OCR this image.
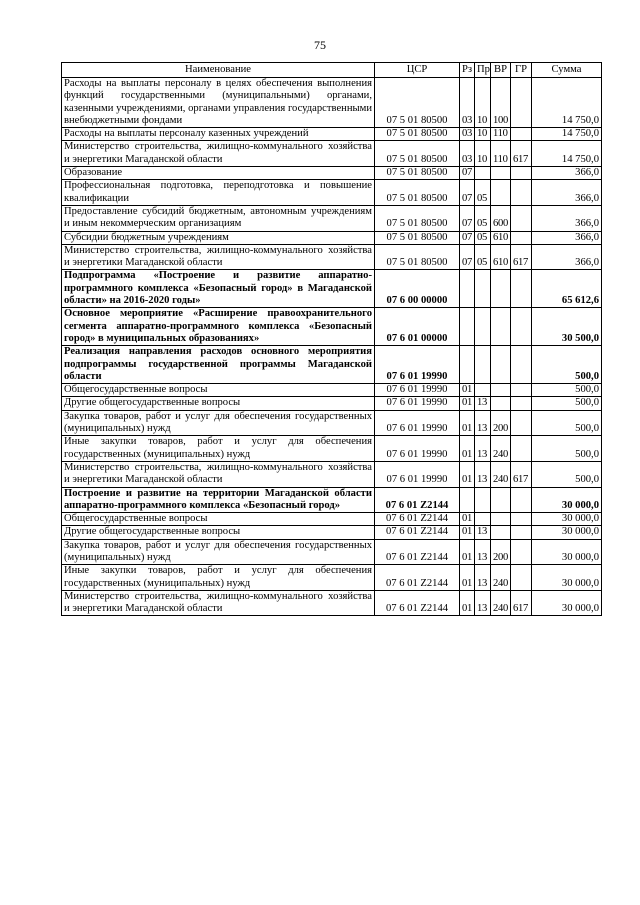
75
Наименование	ЦСР	Рз	Пр	ВР	ГР	Сумма
Расходы на выплаты персоналу в целях обеспечения выполнения функций государственными (муниципальными) органами, казенными учреждениями, органами управления государственными внебюджетными фондами	07 5 01 80500	03	10	100		14 750,0
Расходы на выплаты персоналу казенных учреждений	07 5 01 80500	03	10	110		14 750,0
Министерство строительства, жилищно-коммунального хозяйства и энергетики Магаданской области	07 5 01 80500	03	10	110	617	14 750,0
Образование	07 5 01 80500	07				366,0
Профессиональная подготовка, переподготовка и повышение квалификации	07 5 01 80500	07	05			366,0
Предоставление субсидий бюджетным, автономным учреждениям и иным некоммерческим организациям	07 5 01 80500	07	05	600		366,0
Субсидии бюджетным учреждениям	07 5 01 80500	07	05	610		366,0
Министерство строительства, жилищно-коммунального хозяйства и энергетики Магаданской области	07 5 01 80500	07	05	610	617	366,0
Подпрограмма «Построение и развитие аппаратно-программного комплекса «Безопасный город» в Магаданской области» на 2016-2020 годы»	07 6 00 00000					65 612,6
Основное мероприятие «Расширение правоохранительного сегмента аппаратно-программного комплекса «Безопасный город» в муниципальных образованиях»	07 6 01 00000					30 500,0
Реализация направления расходов основного мероприятия подпрограммы государственной программы Магаданской области	07 6 01 19990					500,0
Общегосударственные вопросы	07 6 01 19990	01				500,0
Другие общегосударственные вопросы	07 6 01 19990	01	13			500,0
Закупка товаров, работ и услуг для обеспечения государственных (муниципальных) нужд	07 6 01 19990	01	13	200		500,0
Иные закупки товаров, работ и услуг для обеспечения государственных (муниципальных) нужд	07 6 01 19990	01	13	240		500,0
Министерство строительства, жилищно-коммунального хозяйства и энергетики Магаданской области	07 6 01 19990	01	13	240	617	500,0
Построение и развитие на территории Магаданской области аппаратно-программного комплекса «Безопасный город»	07 6 01 Z2144					30 000,0
Общегосударственные вопросы	07 6 01 Z2144	01				30 000,0
Другие общегосударственные вопросы	07 6 01 Z2144	01	13			30 000,0
Закупка товаров, работ и услуг для обеспечения государственных (муниципальных) нужд	07 6 01 Z2144	01	13	200		30 000,0
Иные закупки товаров, работ и услуг для обеспечения государственных (муниципальных) нужд	07 6 01 Z2144	01	13	240		30 000,0
Министерство строительства, жилищно-коммунального хозяйства и энергетики Магаданской области	07 6 01 Z2144	01	13	240	617	30 000,0
